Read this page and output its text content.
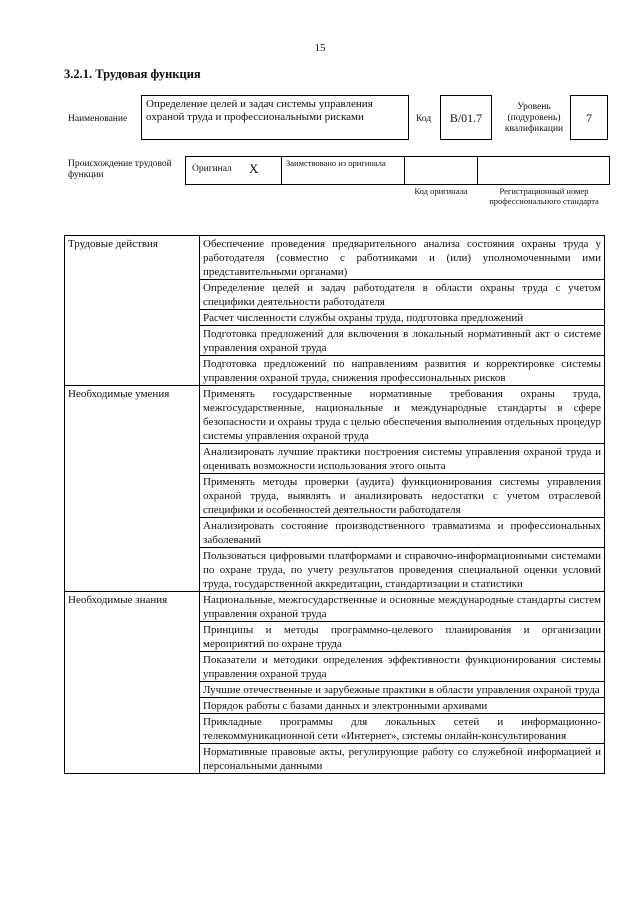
15
3.2.1. Трудовая функция
Наименование
Определение целей и задач системы управления охраной труда и профессиональными рисками	Код	В/01.7
Уровень (подуровень) квалификации
7
Происхождение трудовой функции
Оригинал X	Заимствовано из оригинала
Код оригинала	Регистрационный номер профессионального стандарта
Трудовые действия	Обеспечение проведения предварительного анализа состояния охраны труда у работодателя (совместно с работниками и (или) уполномоченными ими представительными органами)
	Определение целей и задач работодателя в области охраны труда с учетом специфики деятельности работодателя
	Расчет численности службы охраны труда, подготовка предложений
	Подготовка предложений для включения в локальный нормативный акт о системе управления охраной труда
	Подготовка предложений по направлениям развития и корректировке системы управления охраной труда, снижения профессиональных рисков
Необходимые умения	Применять государственные нормативные требования охраны труда, межгосударственные, национальные и международные стандарты в сфере безопасности и охраны труда с целью обеспечения выполнения отдельных процедур системы управления охраной труда
	Анализировать лучшие практики построения системы управления охраной труда и оценивать возможности использования этого опыта
	Применять методы проверки (аудита) функционирования системы управления охраной труда, выявлять и анализировать недостатки с учетом отраслевой специфики и особенностей деятельности работодателя
	Анализировать состояние производственного травматизма и профессиональных заболеваний
	Пользоваться цифровыми платформами и справочно-информационными системами по охране труда, по учету результатов проведения специальной оценки условий труда, государственной аккредитации, стандартизации и статистики
Необходимые знания	Национальные, межгосударственные и основные международные стандарты систем управления охраной труда
	Принципы и методы программно-целевого планирования и организации мероприятий по охране труда
	Показатели и методики определения эффективности функционирования системы управления охраной труда
	Лучшие отечественные и зарубежные практики в области управления охраной труда
	Порядок работы с базами данных и электронными архивами
	Прикладные программы для локальных сетей и информационно-телекоммуникационной сети «Интернет», системы онлайн-консультирования
	Нормативные правовые акты, регулирующие работу со служебной информацией и персональными данными
